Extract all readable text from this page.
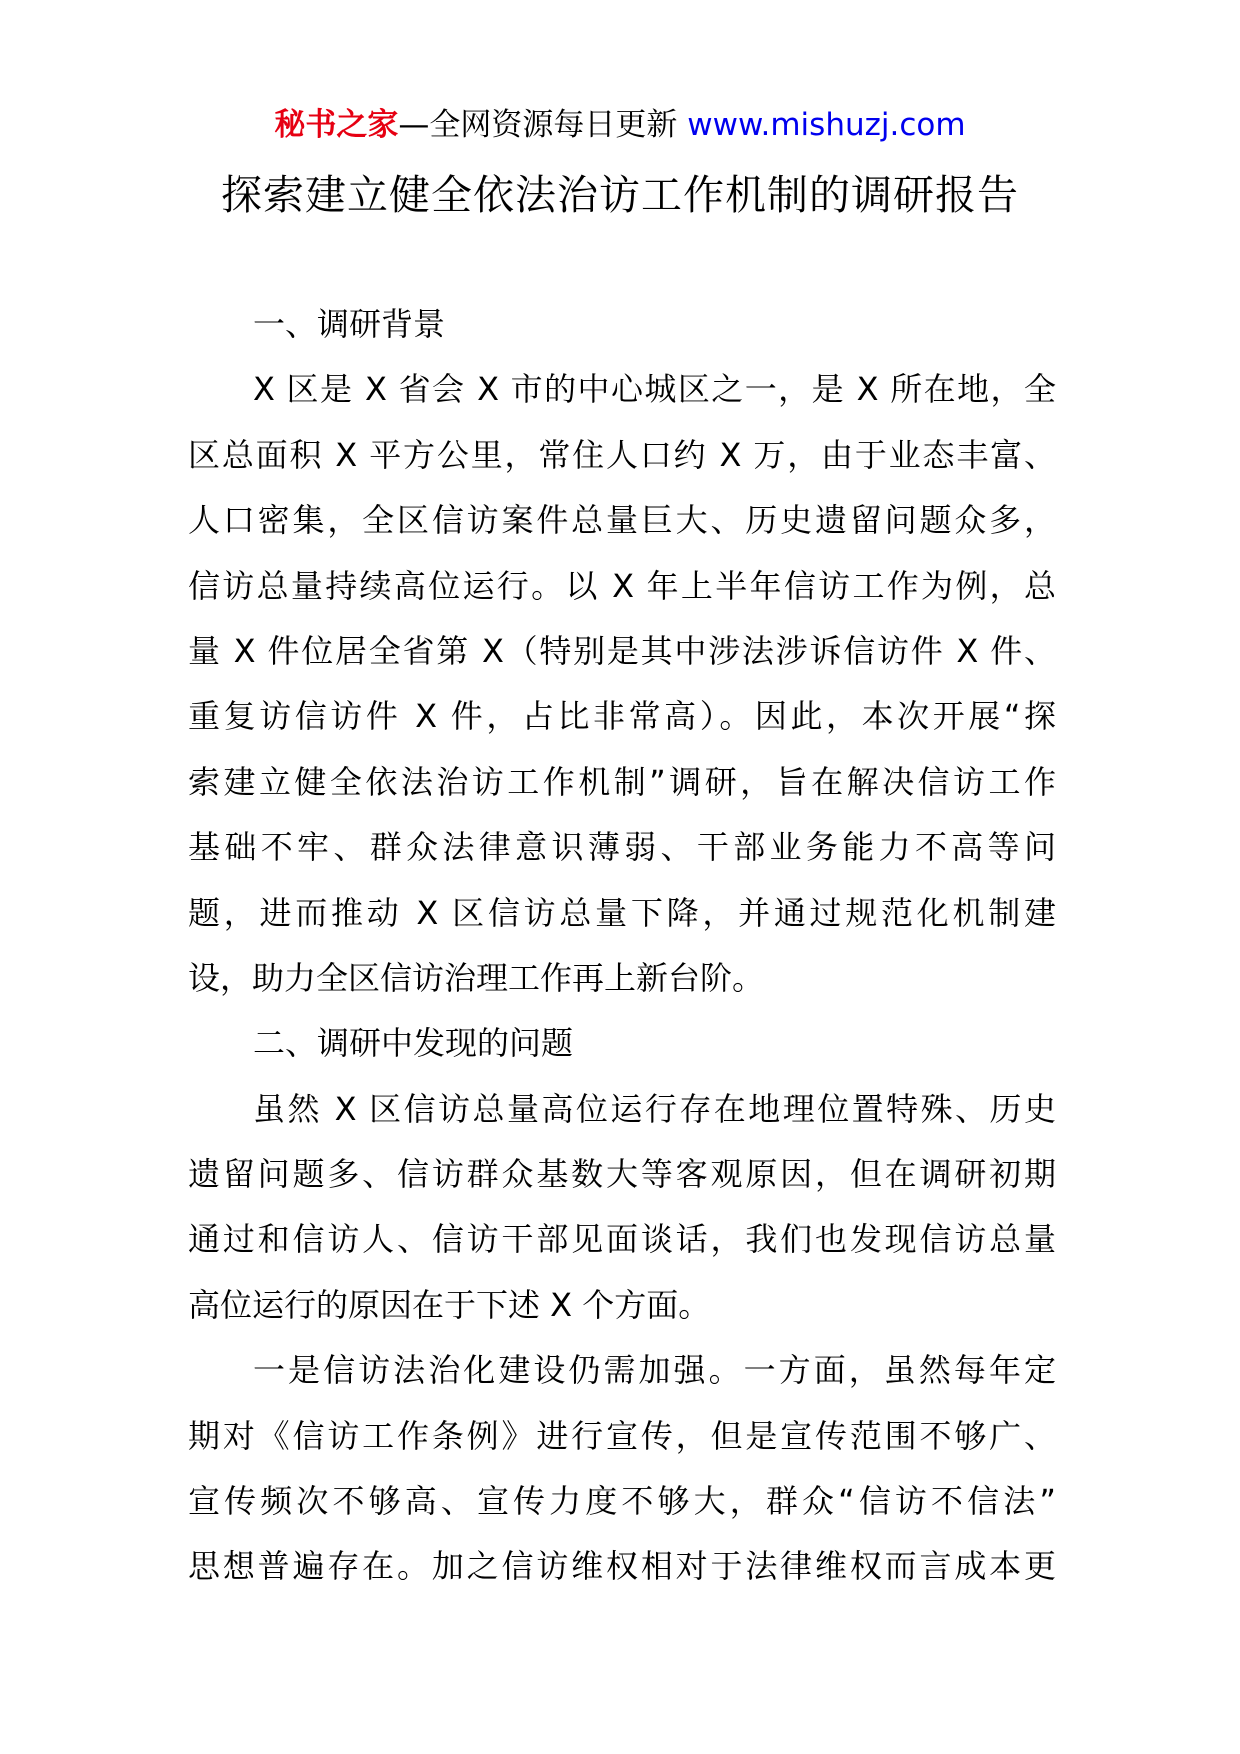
秘书之家—全网资源每日更新 www.mishuzj.com
探索建立健全依法治访工作机制的调研报告
一、调研背景
X 区是 X 省会 X 市的中心城区之一，是 X 所在地，全
区总面积 X 平方公里，常住人口约 X 万，由于业态丰富、
人口密集，全区信访案件总量巨大、历史遗留问题众多，
信访总量持续高位运行。以 X 年上半年信访工作为例，总
量 X 件位居全省第 X（特别是其中涉法涉诉信访件 X 件、
重复访信访件 X 件，占比非常高）。因此，本次开展“探
索建立健全依法治访工作机制”调研，旨在解决信访工作
基础不牢、群众法律意识薄弱、干部业务能力不高等问
题，进而推动 X 区信访总量下降，并通过规范化机制建
设，助力全区信访治理工作再上新台阶。
二、调研中发现的问题
虽然 X 区信访总量高位运行存在地理位置特殊、历史
遗留问题多、信访群众基数大等客观原因，但在调研初期
通过和信访人、信访干部见面谈话，我们也发现信访总量
高位运行的原因在于下述 X 个方面。
一是信访法治化建设仍需加强。一方面，虽然每年定
期对《信访工作条例》进行宣传，但是宣传范围不够广、
宣传频次不够高、宣传力度不够大，群众“信访不信法”
思想普遍存在。加之信访维权相对于法律维权而言成本更
